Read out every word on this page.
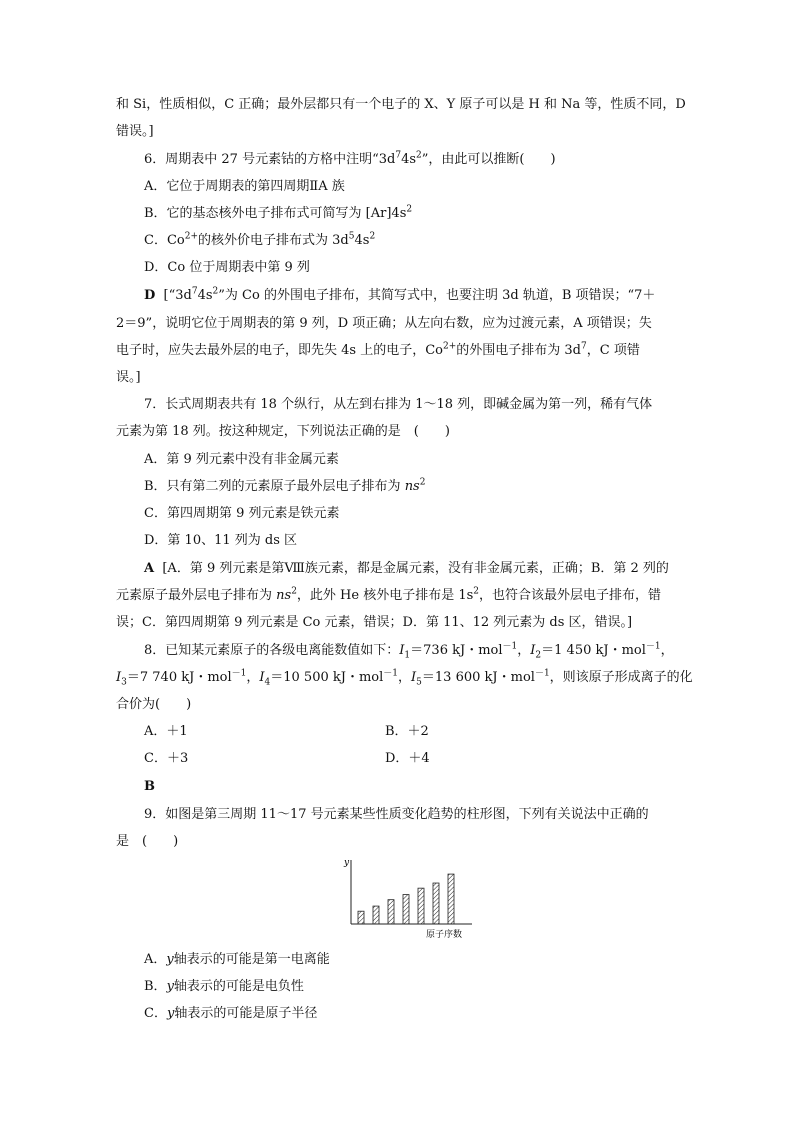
和 Si，性质相似，C 正确；最外层都只有一个电子的 X、Y 原子可以是 H 和 Na 等，性质不同，D
错误。]
6．周期表中 27 号元素钴的方格中注明“$3d^74s^2$”，由此可以推断(　　)
A．它位于周期表的第四周期ⅡA 族
B．它的基态核外电子排布式可简写为 $[Ar]4s^2$
C．$Co^{2+}$的核外价电子排布式为 $3d^54s^2$
D．Co 位于周期表中第 9 列
D [“$3d^74s^2$”为 Co 的外围电子排布，其简写式中，也要注明 3d 轨道，B 项错误；“7＋
2＝9”，说明它位于周期表的第 9 列，D 项正确；从左向右数，应为过渡元素，A 项错误；失
电子时，应失去最外层的电子，即先失 4s 上的电子，$Co^{2+}$的外围电子排布为 $3d^7$，C 项错
误。]
7．长式周期表共有 18 个纵行，从左到右排为 1～18 列，即碱金属为第一列，稀有气体
元素为第 18 列。按这种规定，下列说法正确的是　(　　)
A．第 9 列元素中没有非金属元素
B．只有第二列的元素原子最外层电子排布为 $ns^2$
C．第四周期第 9 列元素是铁元素
D．第 10、11 列为 ds 区
A [A．第 9 列元素是第Ⅷ族元素，都是金属元素，没有非金属元素，正确；B．第 2 列的
元素原子最外层电子排布为 $ns^2$，此外 He 核外电子排布是 $1s^2$，也符合该最外层电子排布，错
误；C．第四周期第 9 列元素是 Co 元素，错误；D．第 11、12 列元素为 ds 区，错误。]
8．已知某元素原子的各级电离能数值如下：$I_1=736$ kJ・mol$^{-1}$，$I_2=1$ 450 kJ・mol$^{-1}$，
$I_3=7$ 740 kJ・mol$^{-1}$，$I_4=10$ 500 kJ・mol$^{-1}$，$I_5=13$ 600 kJ・mol$^{-1}$，则该原子形成离子的化
合价为(　　)
A．＋1	B．＋2
C．＋3	D．＋4
B
9．如图是第三周期 11～17 号元素某些性质变化趋势的柱形图，下列有关说法中正确的
是　(　　)
y
原子序数
A．y轴表示的可能是第一电离能
B．y轴表示的可能是电负性
C．y轴表示的可能是原子半径
